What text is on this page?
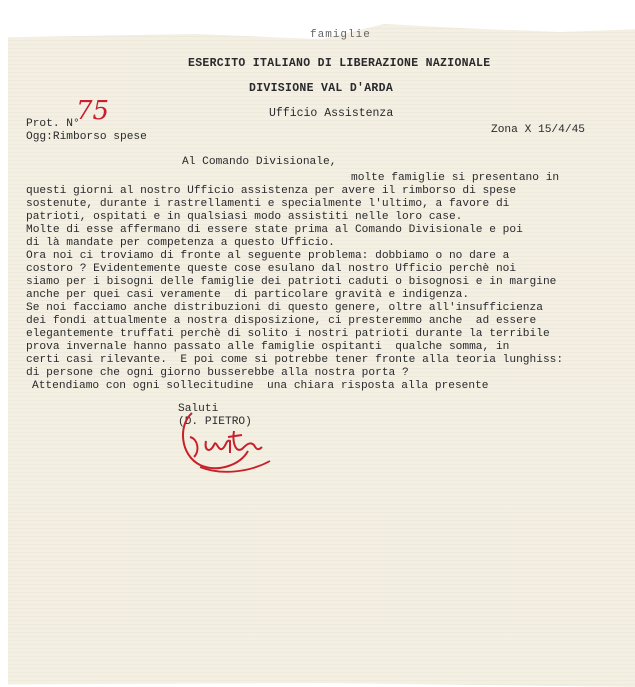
famiglie
ESERCITO ITALIANO DI LIBERAZIONE NAZIONALE
DIVISIONE VAL D'ARDA
Ufficio Assistenza
Prot. N°
75
Ogg:Rimborso spese
Zona X 15/4/45
Al Comando Divisionale,
molte famiglie si presentano in
questi giorni al nostro Ufficio assistenza per avere il rimborso di spese
sostenute, durante i rastrellamenti e specialmente l'ultimo, a favore di
patrioti, ospitati e in qualsiasi modo assistiti nelle loro case.
Molte di esse affermano di essere state prima al Comando Divisionale e poi
di là mandate per competenza a questo Ufficio.
Ora noi ci troviamo di fronte al seguente problema: dobbiamo o no dare a
costoro ? Evidentemente queste cose esulano dal nostro Ufficio perchè noi
siamo per i bisogni delle famiglie dei patrioti caduti o bisognosi e in margine
anche per quei casi veramente  di particolare gravità e indigenza.
Se noi facciamo anche distribuzioni di questo genere, oltre all'insufficienza
dei fondi attualmente a nostra disposizione, ci presteremmo anche  ad essere
elegantemente truffati perchè di solito i nostri patrioti durante la terribile
prova invernale hanno passato alle famiglie ospitanti  qualche somma, in
certi casi rilevante.  E poi come si potrebbe tener fronte alla teoria lunghiss:
di persone che ogni giorno busserebbe alla nostra porta ?
Attendiamo con ogni sollecitudine  una chiara risposta alla presente
Saluti
(D. PIETRO)
